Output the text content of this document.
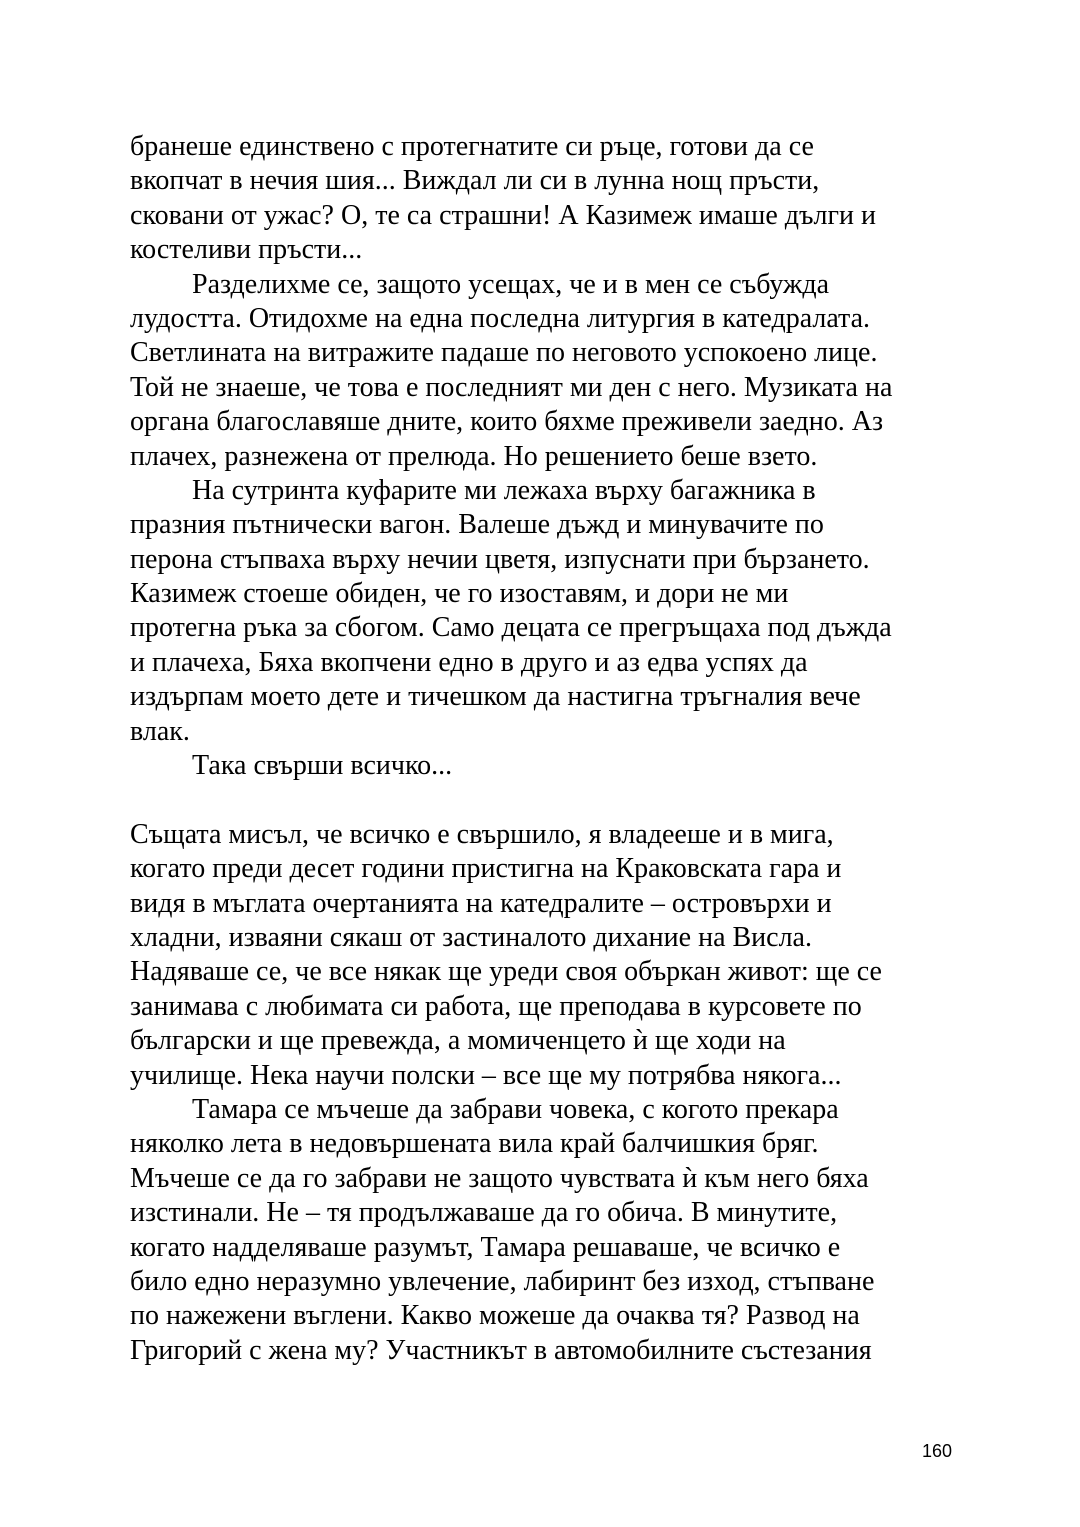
бранеше единствено с протегнатите си ръце, готови да се
вкопчат в нечия шия... Виждал ли си в лунна нощ пръсти,
сковани от ужас? О, те са страшни! А Казимеж имаше дълги и
костеливи пръсти...
Разделихме се, защото усещах, че и в мен се събужда
лудостта. Отидохме на една последна литургия в катедралата.
Светлината на витражите падаше по неговото успокоено лице.
Той не знаеше, че това е последният ми ден с него. Музиката на
органа благославяше дните, които бяхме преживели заедно. Аз
плачех, разнежена от прелюда. Но решението беше взето.
На сутринта куфарите ми лежаха върху багажника в
празния пътнически вагон. Валеше дъжд и минувачите по
перона стъпваха върху нечии цветя, изпуснати при бързането.
Казимеж стоеше обиден, че го изоставям, и дори не ми
протегна ръка за сбогом. Само децата се прегръщаха под дъжда
и плачеха, Бяха вкопчени едно в друго и аз едва успях да
издърпам моето дете и тичешком да настигна тръгналия вече
влак.
Така свърши всичко...
Същата мисъл, че всичко е свършило, я владееше и в мига,
когато преди десет години пристигна на Краковската гара и
видя в мъглата очертанията на катедралите – островърхи и
хладни, изваяни сякаш от застиналото дихание на Висла.
Надяваше се, че все някак ще уреди своя объркан живот: ще се
занимава с любимата си работа, ще преподава в курсовете по
български и ще превежда, а момиченцето ѝ ще ходи на
училище. Нека научи полски – все ще му потрябва някога...
Тамара се мъчеше да забрави човека, с когото прекара
няколко лета в недовършената вила край балчишкия бряг.
Мъчеше се да го забрави не защото чувствата ѝ към него бяха
изстинали. Не – тя продължаваше да го обича. В минутите,
когато надделяваше разумът, Тамара решаваше, че всичко е
било едно неразумно увлечение, лабиринт без изход, стъпване
по нажежени въглени. Какво можеше да очаква тя? Развод на
Григорий с жена му? Участникът в автомобилните състезания
160
